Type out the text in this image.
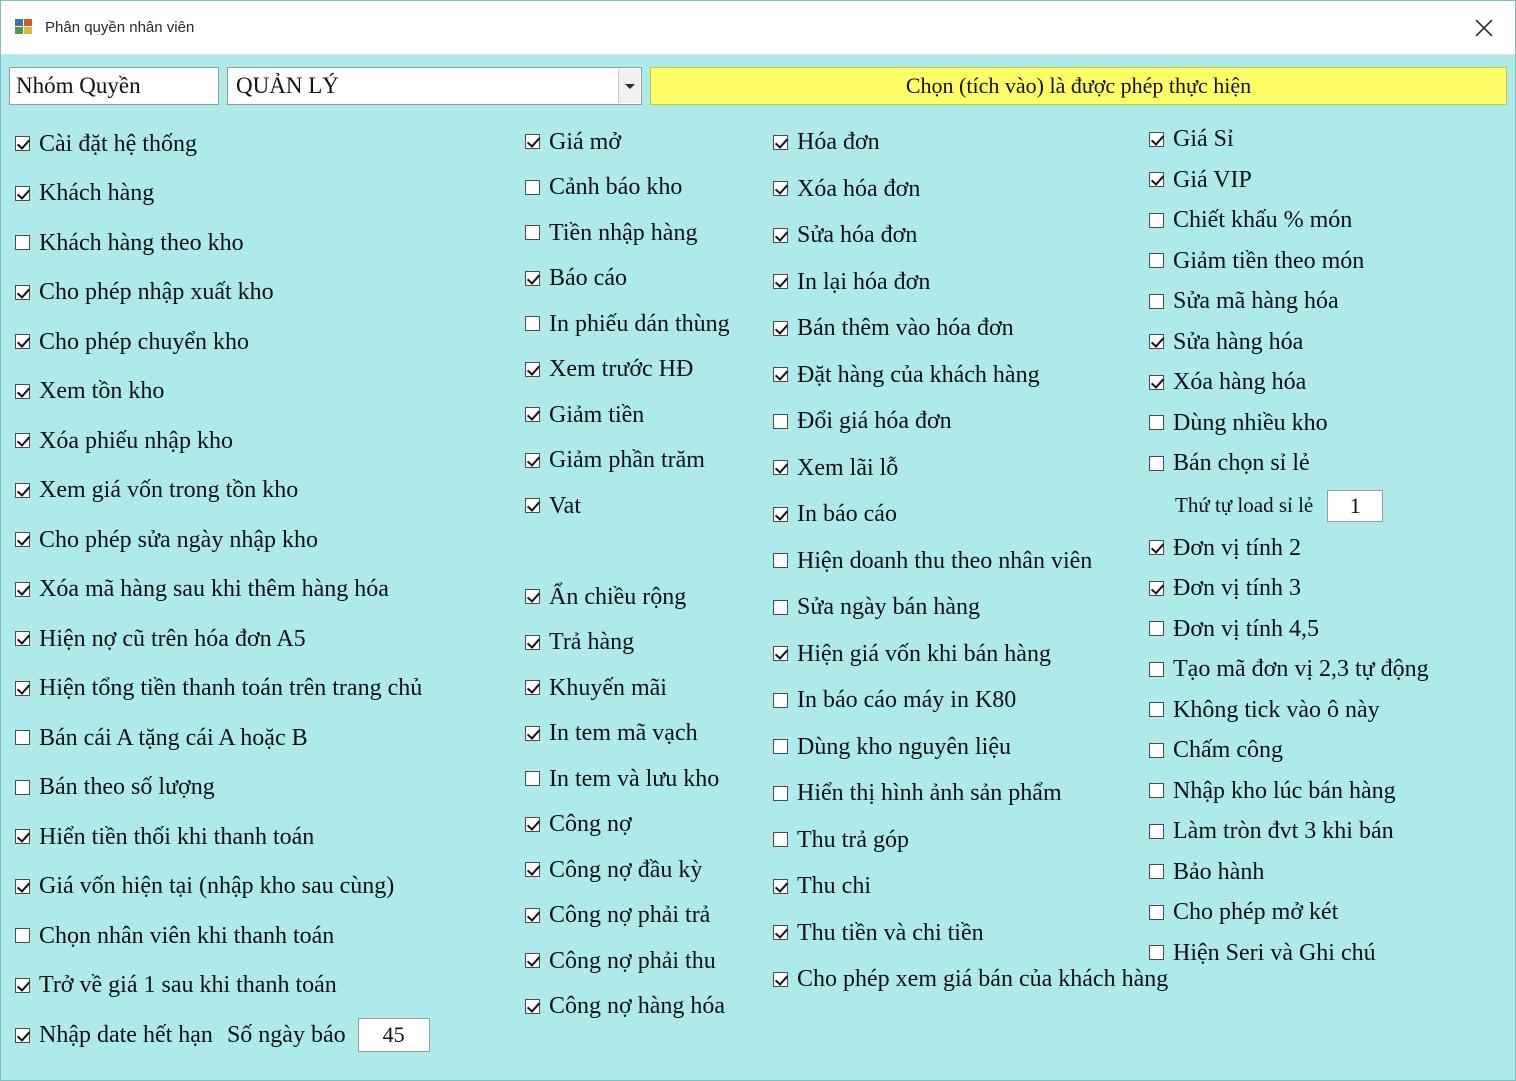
Phân quyền nhân viên
Nhóm Quyền	QUẢN LÝ	Chọn (tích vào) là được phép thực hiện
Cài đặt hệ thống
Khách hàng
Khách hàng theo kho
Cho phép nhập xuất kho
Cho phép chuyển kho
Xem tồn kho
Xóa phiếu nhập kho
Xem giá vốn trong tồn kho
Cho phép sửa ngày nhập kho
Xóa mã hàng sau khi thêm hàng hóa
Hiện nợ cũ trên hóa đơn A5
Hiện tổng tiền thanh toán trên trang chủ
Bán cái A tặng cái A hoặc B
Bán theo số lượng
Hiển tiền thối khi thanh toán
Giá vốn hiện tại (nhập kho sau cùng)
Chọn nhân viên khi thanh toán
Trở về giá 1 sau khi thanh toán
Nhập date hết hạn Số ngày báo	45
Giá mở
Cảnh báo kho
Tiền nhập hàng
Báo cáo
In phiếu dán thùng
Xem trước HĐ
Giảm tiền
Giảm phần trăm
Vat
Ẩn chiều rộng
Trả hàng
Khuyến mãi
In tem mã vạch
In tem và lưu kho
Công nợ
Công nợ đầu kỳ
Công nợ phải trả
Công nợ phải thu
Công nợ hàng hóa
Hóa đơn
Xóa hóa đơn
Sửa hóa đơn
In lại hóa đơn
Bán thêm vào hóa đơn
Đặt hàng của khách hàng
Đổi giá hóa đơn
Xem lãi lỗ
In báo cáo
Hiện doanh thu theo nhân viên
Sửa ngày bán hàng
Hiện giá vốn khi bán hàng
In báo cáo máy in K80
Dùng kho nguyên liệu
Hiển thị hình ảnh sản phẩm
Thu trả góp
Thu chi
Thu tiền và chi tiền
Cho phép xem giá bán của khách hàng
Giá Sỉ
Giá VIP
Chiết khấu % món
Giảm tiền theo món
Sửa mã hàng hóa
Sửa hàng hóa
Xóa hàng hóa
Dùng nhiều kho
Bán chọn sỉ lẻ
Thứ tự load sỉ lẻ	1
Đơn vị tính 2
Đơn vị tính 3
Đơn vị tính 4,5
Tạo mã đơn vị 2,3 tự động
Không tick vào ô này
Chấm công
Nhập kho lúc bán hàng
Làm tròn đvt 3 khi bán
Bảo hành
Cho phép mở két
Hiện Seri và Ghi chú
